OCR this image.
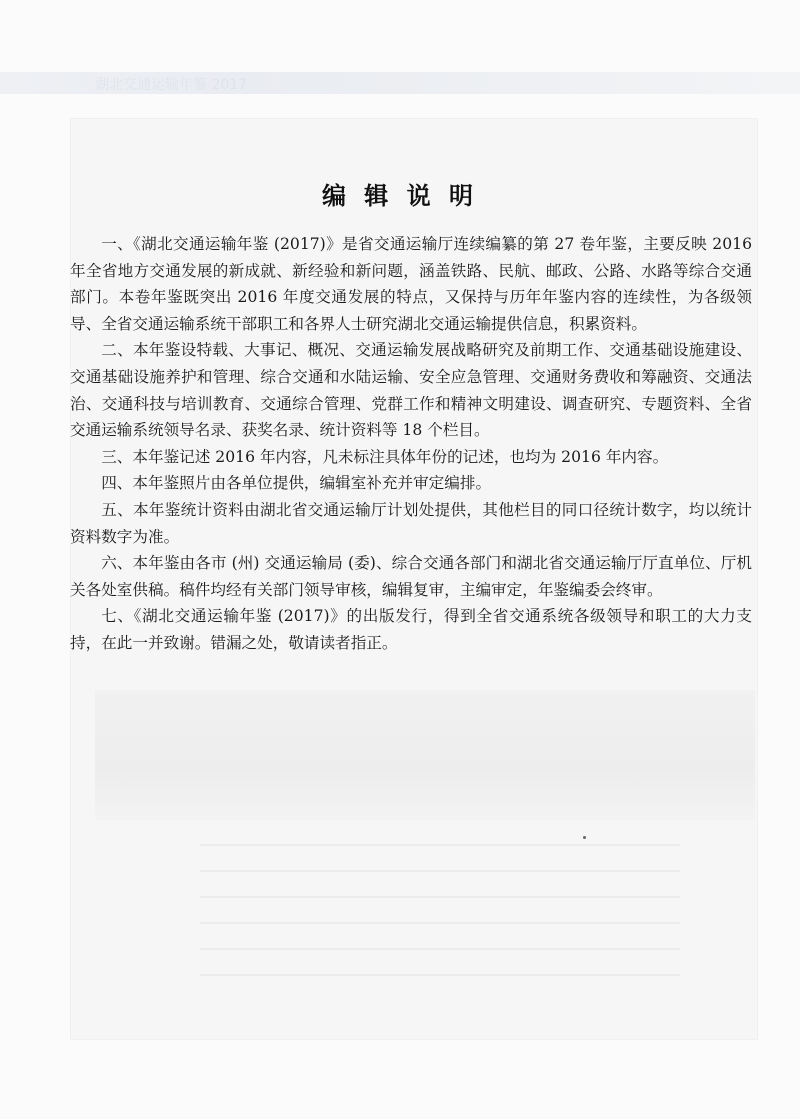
湖北交通运输年鉴 2017
编 辑 说 明

一、《湖北交通运输年鉴 (2017)》是省交通运输厅连续编纂的第 27 卷年鉴，主要反映 2016 年全省地方交通发展的新成就、新经验和新问题，涵盖铁路、民航、邮政、公路、水路等综合交通部门。本卷年鉴既突出 2016 年度交通发展的特点，又保持与历年年鉴内容的连续性，为各级领导、全省交通运输系统干部职工和各界人士研究湖北交通运输提供信息，积累资料。

二、本年鉴设特载、大事记、概况、交通运输发展战略研究及前期工作、交通基础设施建设、交通基础设施养护和管理、综合交通和水陆运输、安全应急管理、交通财务费收和筹融资、交通法治、交通科技与培训教育、交通综合管理、党群工作和精神文明建设、调查研究、专题资料、全省交通运输系统领导名录、获奖名录、统计资料等 18 个栏目。

三、本年鉴记述 2016 年内容，凡未标注具体年份的记述，也均为 2016 年内容。

四、本年鉴照片由各单位提供，编辑室补充并审定编排。

五、本年鉴统计资料由湖北省交通运输厅计划处提供，其他栏目的同口径统计数字，均以统计资料数字为准。

六、本年鉴由各市 (州) 交通运输局 (委)、综合交通各部门和湖北省交通运输厅厅直单位、厅机关各处室供稿。稿件均经有关部门领导审核，编辑复审，主编审定，年鉴编委会终审。

七、《湖北交通运输年鉴 (2017)》的出版发行，得到全省交通系统各级领导和职工的大力支持，在此一并致谢。错漏之处，敬请读者指正。
